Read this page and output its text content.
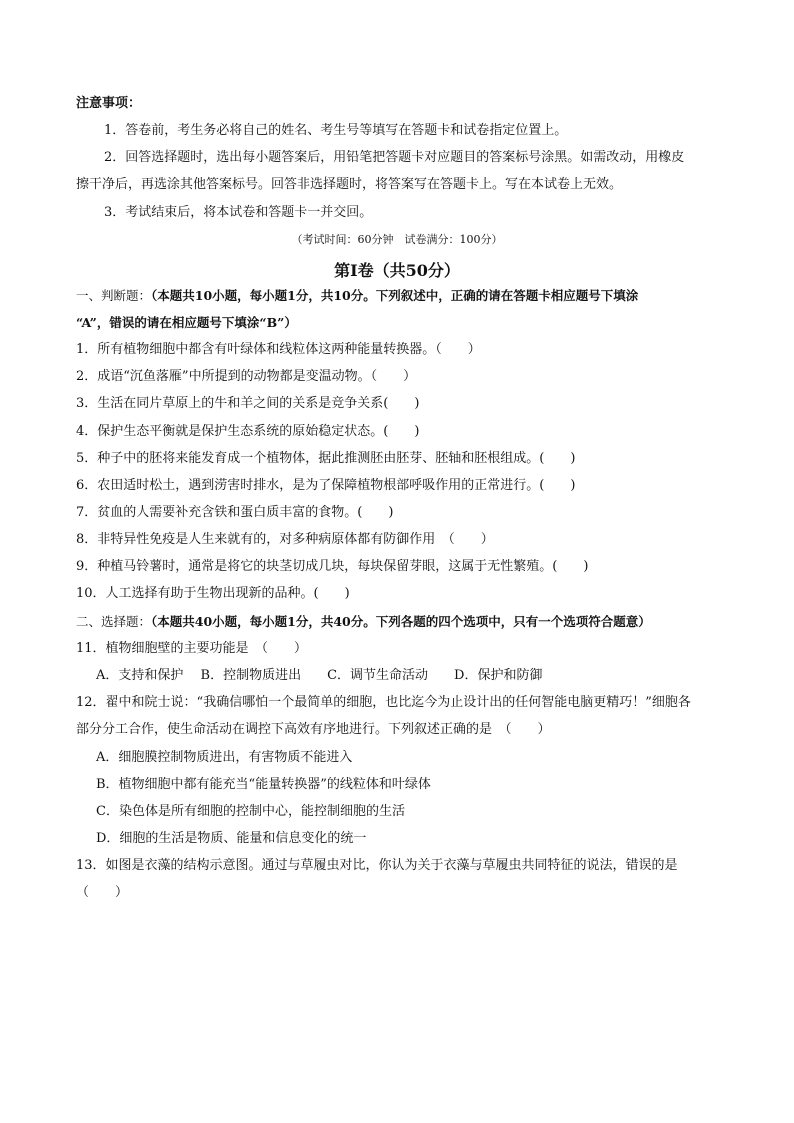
注意事项：
1．答卷前，考生务必将自己的姓名、考生号等填写在答题卡和试卷指定位置上。
2．回答选择题时，选出每小题答案后，用铅笔把答题卡对应题目的答案标号涂黑。如需改动，用橡皮
擦干净后，再选涂其他答案标号。回答非选择题时，将答案写在答题卡上。写在本试卷上无效。
3．考试结束后，将本试卷和答题卡一并交回。
（考试时间：60分钟　试卷满分：100分）
第Ⅰ卷（共50分）
一、判断题：（本题共10小题，每小题1分，共10分。下列叙述中，正确的请在答题卡相应题号下填涂
“A”，错误的请在相应题号下填涂“B”）
1．所有植物细胞中都含有叶绿体和线粒体这两种能量转换器。（　　）
2．成语“沉鱼落雁”中所提到的动物都是变温动物。（　　）
3．生活在同片草原上的牛和羊之间的关系是竞争关系(　　)
4．保护生态平衡就是保护生态系统的原始稳定状态。(　　)
5．种子中的胚将来能发育成一个植物体，据此推测胚由胚芽、胚轴和胚根组成。(　　)
6．农田适时松土，遇到涝害时排水，是为了保障植物根部呼吸作用的正常进行。(　　)
7．贫血的人需要补充含铁和蛋白质丰富的食物。(　　)
8．非特异性免疫是人生来就有的，对多种病原体都有防御作用　（　　）
9．种植马铃薯时，通常是将它的块茎切成几块，每块保留芽眼，这属于无性繁殖。(　　)
10．人工选择有助于生物出现新的品种。(　　)
二、选择题：（本题共40小题，每小题1分，共40分。下列各题的四个选项中，只有一个选项符合题意）
11．植物细胞壁的主要功能是　（　　）
A．支持和保护　 B．控制物质进出　　C．调节生命活动　　D．保护和防御
12．翟中和院士说：“我确信哪怕一个最简单的细胞，也比迄今为止设计出的任何智能电脑更精巧！”细胞各
部分分工合作，使生命活动在调控下高效有序地进行。下列叙述正确的是　（　　）
A．细胞膜控制物质进出，有害物质不能进入
B．植物细胞中都有能充当“能量转换器”的线粒体和叶绿体
C．染色体是所有细胞的控制中心，能控制细胞的生活
D．细胞的生活是物质、能量和信息变化的统一
13．如图是衣藻的结构示意图。通过与草履虫对比，你认为关于衣藻与草履虫共同特征的说法，错误的是
（　　）
